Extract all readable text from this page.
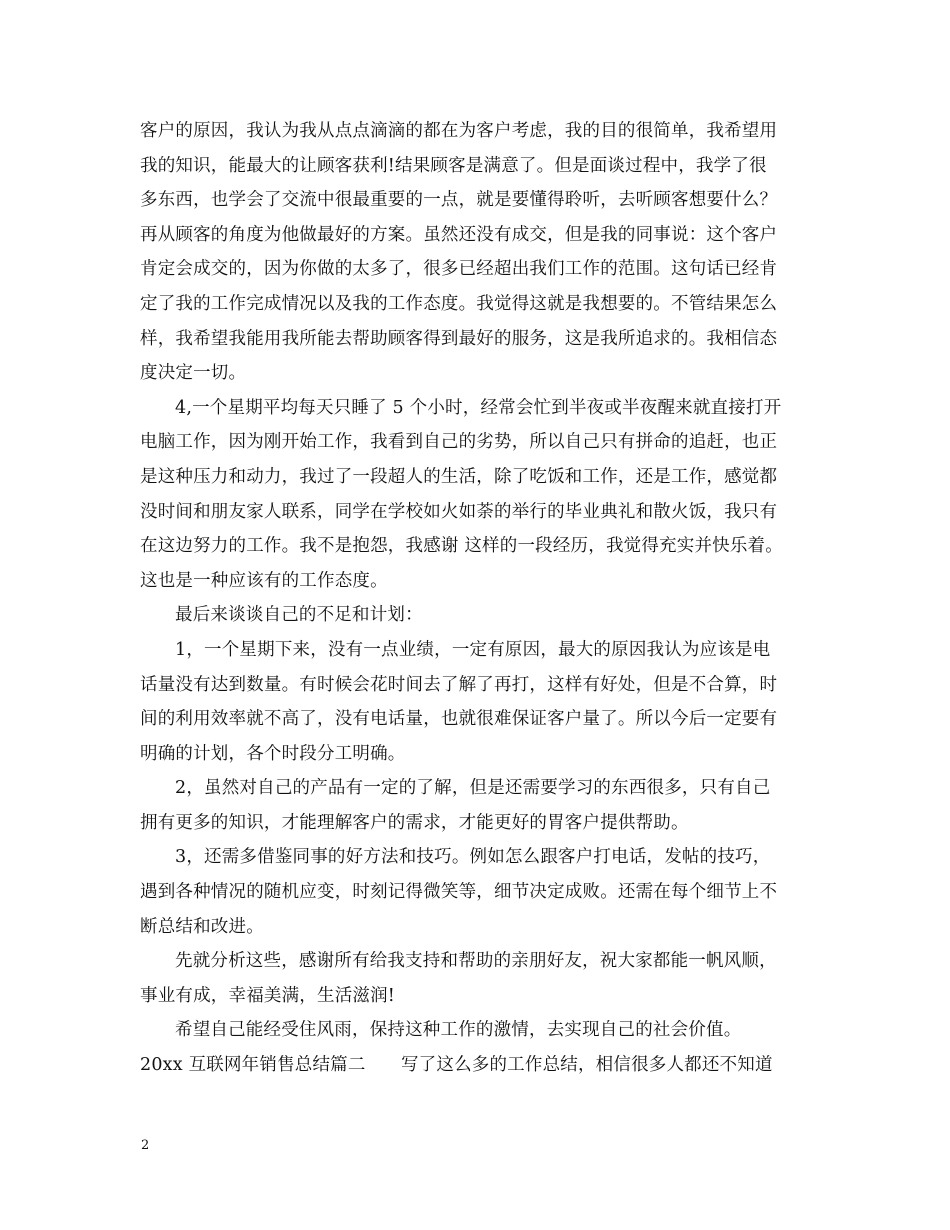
客户的原因，我认为我从点点滴滴的都在为客户考虑，我的目的很简单，我希望用
我的知识，能最大的让顾客获利!结果顾客是满意了。但是面谈过程中，我学了很
多东西，也学会了交流中很最重要的一点，就是要懂得聆听，去听顾客想要什么？
再从顾客的角度为他做最好的方案。虽然还没有成交，但是我的同事说：这个客户
肯定会成交的，因为你做的太多了，很多已经超出我们工作的范围。这句话已经肯
定了我的工作完成情况以及我的工作态度。我觉得这就是我想要的。不管结果怎么
样，我希望我能用我所能去帮助顾客得到最好的服务，这是我所追求的。我相信态
度决定一切。
4,一个星期平均每天只睡了 5 个小时，经常会忙到半夜或半夜醒来就直接打开
电脑工作，因为刚开始工作，我看到自己的劣势，所以自己只有拼命的追赶，也正
是这种压力和动力，我过了一段超人的生活，除了吃饭和工作，还是工作，感觉都
没时间和朋友家人联系，同学在学校如火如荼的举行的毕业典礼和散火饭，我只有
在这边努力的工作。我不是抱怨，我感谢 这样的一段经历，我觉得充实并快乐着。
这也是一种应该有的工作态度。
最后来谈谈自己的不足和计划：
1，一个星期下来，没有一点业绩，一定有原因，最大的原因我认为应该是电
话量没有达到数量。有时候会花时间去了解了再打，这样有好处，但是不合算，时
间的利用效率就不高了，没有电话量，也就很难保证客户量了。所以今后一定要有
明确的计划，各个时段分工明确。
2，虽然对自己的产品有一定的了解，但是还需要学习的东西很多，只有自己
拥有更多的知识，才能理解客户的需求，才能更好的胃客户提供帮助。
3，还需多借鉴同事的好方法和技巧。例如怎么跟客户打电话，发帖的技巧，
遇到各种情况的随机应变，时刻记得微笑等，细节决定成败。还需在每个细节上不
断总结和改进。
先就分析这些，感谢所有给我支持和帮助的亲朋好友，祝大家都能一帆风顺，
事业有成，幸福美满，生活滋润!
希望自己能经受住风雨，保持这种工作的激情，去实现自己的社会价值。
20xx 互联网年销售总结篇二　　写了这么多的工作总结，相信很多人都还不知道
2
